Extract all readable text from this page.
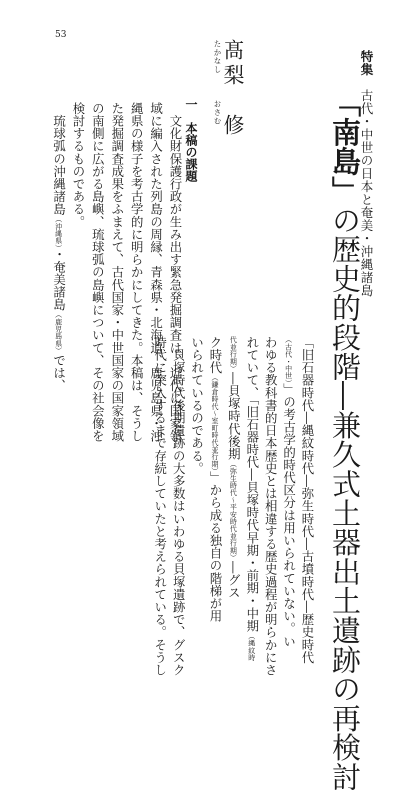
53
特集　古代・中世の日本と奄美・沖縄諸島
「南島」の歴史的段階―兼久式土器出土遺跡の再検討
たかなし
おさむ 髙梨　修
一　本稿の課題
　文化財保護行政が生み出す緊急発掘調査は、近代に国家領
域に編入された列島の周縁、青森県・北海道、鹿児島県・沖
縄県の様子を考古学的に明らかにしてきた。本稿は、そうし
た発掘調査成果をふまえて、古代国家・中世国家の国家領域
の南側に広がる島嶼、琉球弧の島嶼について、その社会像を
検討するものである。
　琉球弧の沖縄諸島（沖縄県）・奄美諸島（鹿児島県）では、	「旧石器時代―縄紋時代―弥生時代―古墳時代―歴史時代
（古代・中世）」の考古学的時代区分は用いられていない。い
わゆる教科書的日本歴史とは相違する歴史過程が明らかにさ
れていて、「旧石器時代―貝塚時代早期・前期・中期（縄紋時
代並行期）―貝塚時代後期（弥生時代～平安時代並行期）―グス
ク時代（鎌倉時代～室町時代並行期）」から成る独自の階梯が用
いられているのである。
　貝塚時代後期遺跡の大多数はいわゆる貝塚遺跡で、グスク
時代に突入するまで存続していたと考えられている。そうし
